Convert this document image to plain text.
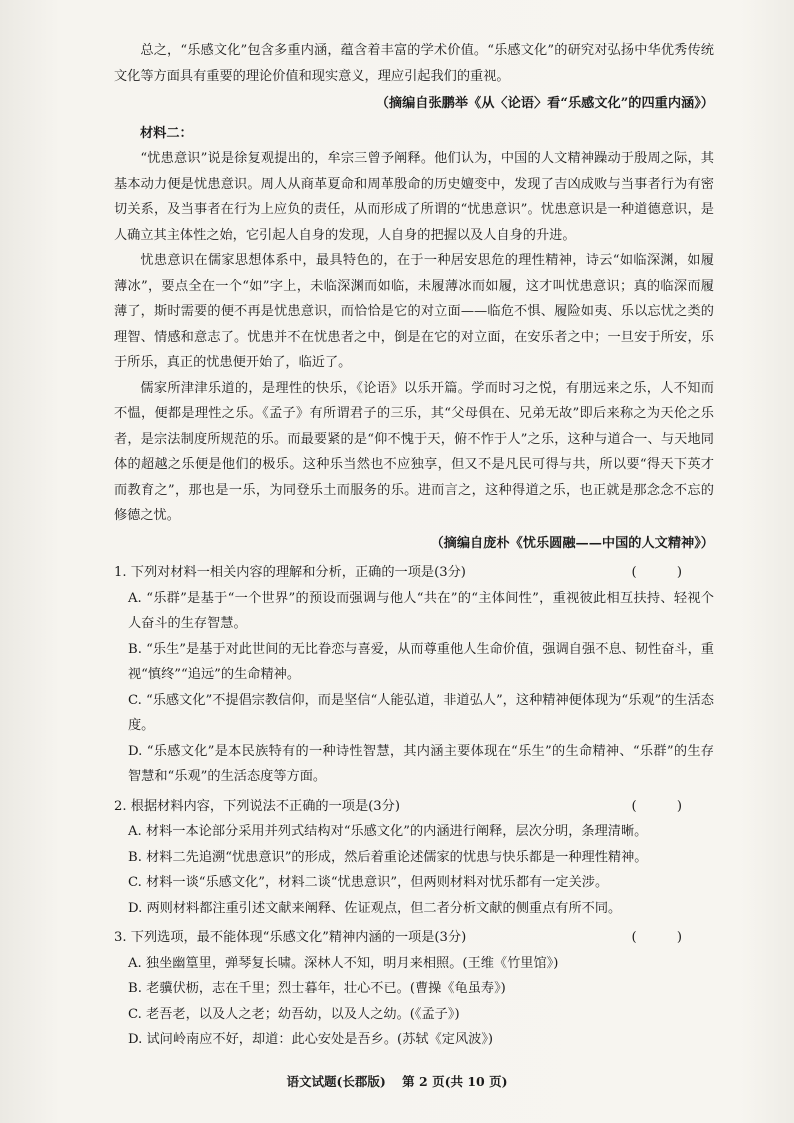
总之，“乐感文化”包含多重内涵，蕴含着丰富的学术价值。“乐感文化”的研究对弘扬中华优秀传统文化等方面具有重要的理论价值和现实意义，理应引起我们的重视。

（摘编自张鹏举《从〈论语〉看“乐感文化”的四重内涵》）

材料二：

“忧患意识”说是徐复观提出的，牟宗三曾予阐释。他们认为，中国的人文精神躁动于殷周之际，其基本动力便是忧患意识。周人从商革夏命和周革殷命的历史嬗变中，发现了吉凶成败与当事者行为有密切关系，及当事者在行为上应负的责任，从而形成了所谓的“忧患意识”。忧患意识是一种道德意识，是人确立其主体性之始，它引起人自身的发现，人自身的把握以及人自身的升进。

忧患意识在儒家思想体系中，最具特色的，在于一种居安思危的理性精神，诗云“如临深渊，如履薄冰”，要点全在一个“如”字上，未临深渊而如临，未履薄冰而如履，这才叫忧患意识；真的临深而履薄了，斯时需要的便不再是忧患意识，而恰恰是它的对立面——临危不惧、履险如夷、乐以忘忧之类的理智、情感和意志了。忧患并不在忧患者之中，倒是在它的对立面，在安乐者之中；一旦安于所安，乐于所乐，真正的忧患便开始了，临近了。

儒家所津津乐道的，是理性的快乐，《论语》以乐开篇。学而时习之悦，有朋远来之乐，人不知而不愠，便都是理性之乐。《孟子》有所谓君子的三乐，其“父母俱在、兄弟无故”即后来称之为天伦之乐者，是宗法制度所规范的乐。而最要紧的是“仰不愧于天，俯不怍于人”之乐，这种与道合一、与天地同体的超越之乐便是他们的极乐。这种乐当然也不应独享，但又不是凡民可得与共，所以要“得天下英才而教育之”，那也是一乐，为同登乐土而服务的乐。进而言之，这种得道之乐，也正就是那念念不忘的修德之忧。

（摘编自庞朴《忧乐圆融——中国的人文精神》）

1. 下列对材料一相关内容的理解和分析，正确的一项是(3分)	( )

A. “乐群”是基于“一个世界”的预设而强调与他人“共在”的“主体间性”，重视彼此相互扶持、轻视个人奋斗的生存智慧。

B. “乐生”是基于对此世间的无比眷恋与喜爱，从而尊重他人生命价值，强调自强不息、韧性奋斗，重视“慎终”“追远”的生命精神。

C. “乐感文化”不提倡宗教信仰，而是坚信“人能弘道，非道弘人”，这种精神便体现为“乐观”的生活态度。

D. “乐感文化”是本民族特有的一种诗性智慧，其内涵主要体现在“乐生”的生命精神、“乐群”的生存智慧和“乐观”的生活态度等方面。

2. 根据材料内容，下列说法不正确的一项是(3分)	( )

A. 材料一本论部分采用并列式结构对“乐感文化”的内涵进行阐释，层次分明，条理清晰。

B. 材料二先追溯“忧患意识”的形成，然后着重论述儒家的忧患与快乐都是一种理性精神。

C. 材料一谈“乐感文化”，材料二谈“忧患意识”，但两则材料对忧乐都有一定关涉。

D. 两则材料都注重引述文献来阐释、佐证观点，但二者分析文献的侧重点有所不同。

3. 下列选项，最不能体现“乐感文化”精神内涵的一项是(3分)	( )

A. 独坐幽篁里，弹琴复长啸。深林人不知，明月来相照。(王维《竹里馆》)

B. 老骥伏枥，志在千里；烈士暮年，壮心不已。(曹操《龟虽寿》)

C. 老吾老，以及人之老；幼吾幼，以及人之幼。(《孟子》)

D. 试问岭南应不好，却道：此心安处是吾乡。(苏轼《定风波》)

语文试题(长郡版) 第 2 页(共 10 页)
